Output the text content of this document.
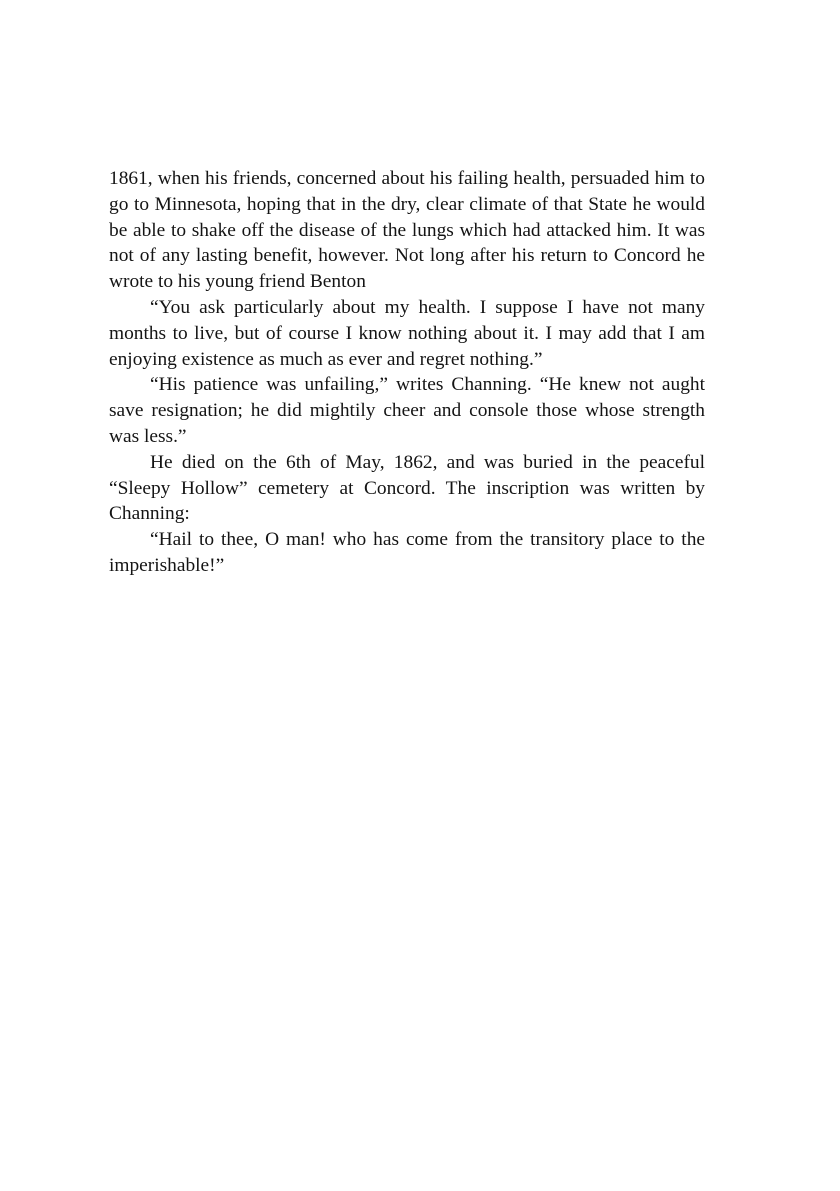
1861, when his friends, concerned about his failing health, persuaded him to go to Minnesota, hoping that in the dry, clear climate of that State he would be able to shake off the disease of the lungs which had attacked him. It was not of any lasting benefit, however. Not long after his return to Concord he wrote to his young friend Benton

“You ask particularly about my health. I suppose I have not many months to live, but of course I know nothing about it. I may add that I am enjoying existence as much as ever and regret nothing.”

“His patience was unfailing,” writes Channing. “He knew not aught save resignation; he did mightily cheer and console those whose strength was less.”

He died on the 6th of May, 1862, and was buried in the peaceful “Sleepy Hollow” cemetery at Concord. The inscription was written by Channing:

“Hail to thee, O man! who has come from the transitory place to the imperishable!”
